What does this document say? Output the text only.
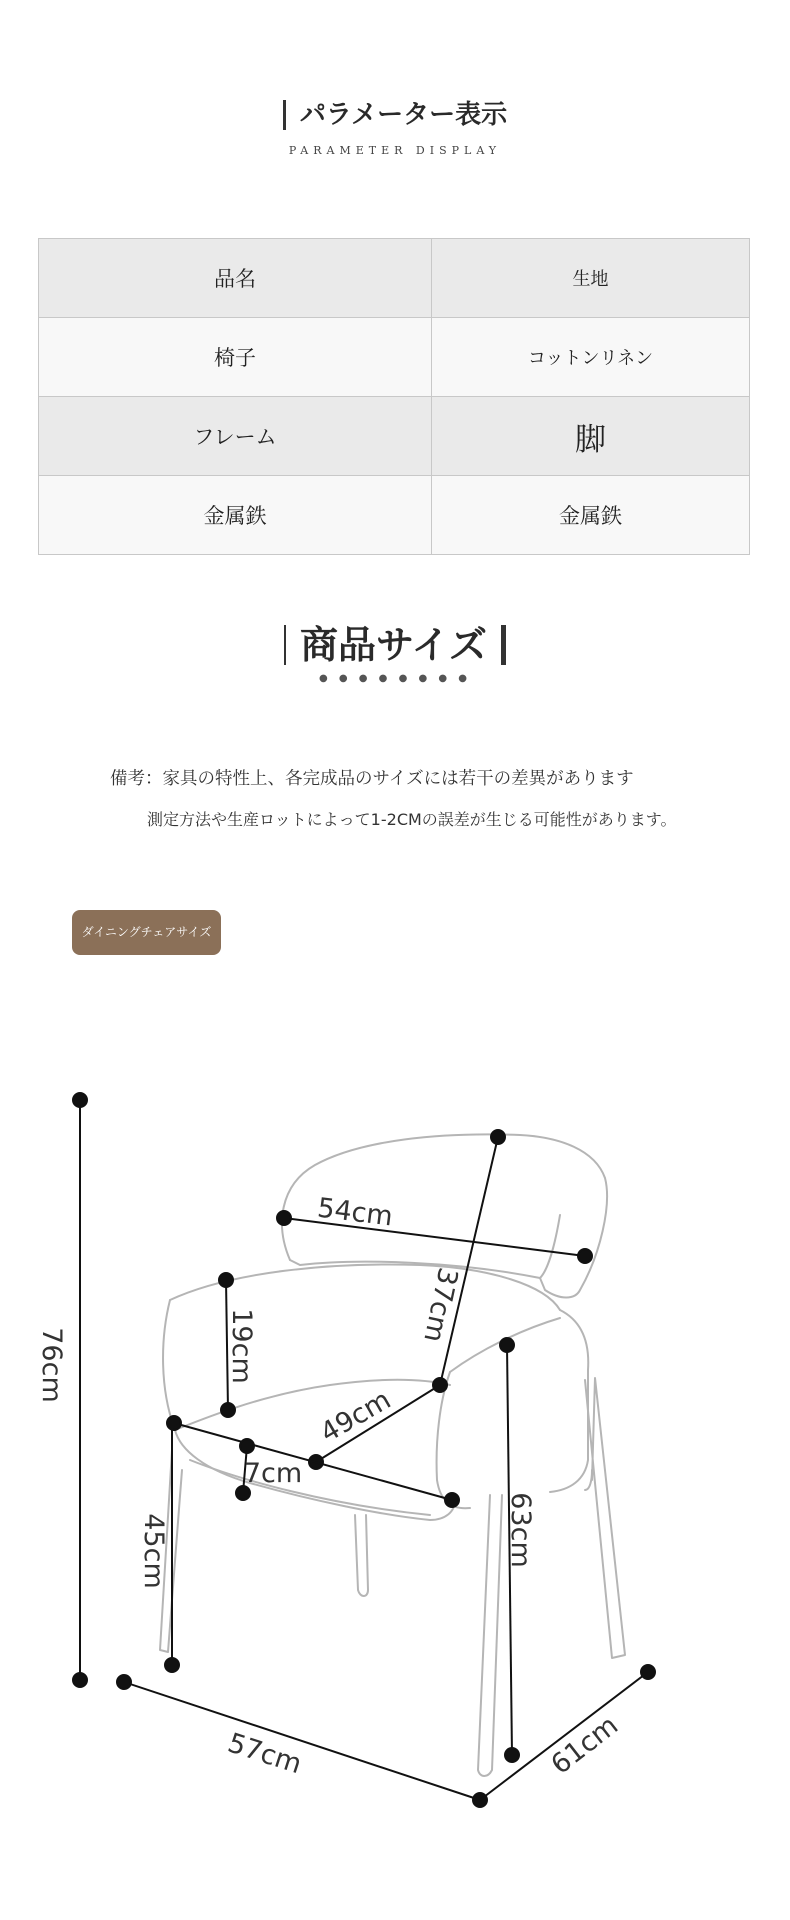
パラメーター表示
PARAMETER DISPLAY
品名	生地
椅子	コットンリネン
フレーム	脚
金属鉄	金属鉄
商品サイズ
● ● ● ● ● ● ● ●
備考：家具の特性上、各完成品のサイズには若干の差異があります
測定方法や生産ロットによって1-2CMの誤差が生じる可能性があります。
ダイニングチェアサイズ
76cm
54cm
37cm
19cm
49cm
7cm
45cm	63cm
57cm	61cm
